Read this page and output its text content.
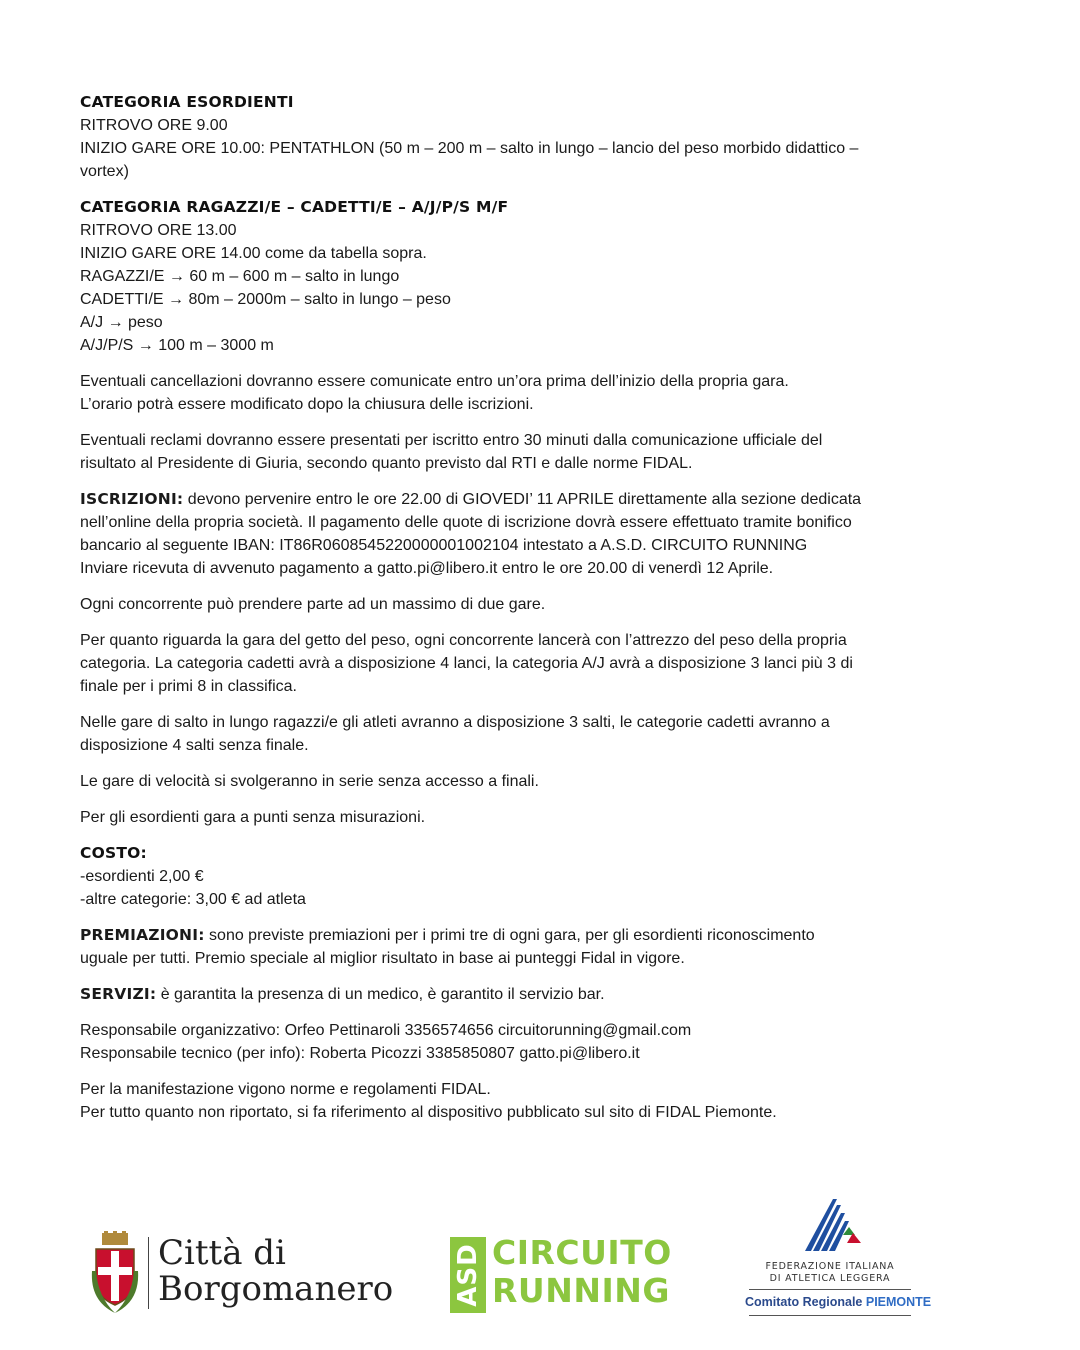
CATEGORIA ESORDIENTI
RITROVO ORE 9.00
INIZIO GARE ORE 10.00: PENTATHLON (50 m – 200 m – salto in lungo – lancio del peso morbido didattico –
vortex)
CATEGORIA RAGAZZI/E – CADETTI/E – A/J/P/S M/F
RITROVO ORE 13.00
INIZIO GARE ORE 14.00 come da tabella sopra.
RAGAZZI/E → 60 m – 600 m – salto in lungo
CADETTI/E → 80m – 2000m – salto in lungo – peso
A/J → peso
A/J/P/S → 100 m – 3000 m
Eventuali cancellazioni dovranno essere comunicate entro un’ora prima dell’inizio della propria gara.
L’orario potrà essere modificato dopo la chiusura delle iscrizioni.
Eventuali reclami dovranno essere presentati per iscritto entro 30 minuti dalla comunicazione ufficiale del
risultato al Presidente di Giuria, secondo quanto previsto dal RTI e dalle norme FIDAL.
ISCRIZIONI: devono pervenire entro le ore 22.00 di GIOVEDI’ 11 APRILE direttamente alla sezione dedicata
nell’online della propria società. Il pagamento delle quote di iscrizione dovrà essere effettuato tramite bonifico
bancario al seguente IBAN: IT86R0608545220000001002104 intestato a A.S.D. CIRCUITO RUNNING
Inviare ricevuta di avvenuto pagamento a gatto.pi@libero.it entro le ore 20.00 di venerdì 12 Aprile.
Ogni concorrente può prendere parte ad un massimo di due gare.
Per quanto riguarda la gara del getto del peso, ogni concorrente lancerà con l’attrezzo del peso della propria
categoria. La categoria cadetti avrà a disposizione 4 lanci, la categoria A/J avrà a disposizione 3 lanci più 3 di
finale per i primi 8 in classifica.
Nelle gare di salto in lungo ragazzi/e gli atleti avranno a disposizione 3 salti, le categorie cadetti avranno a
disposizione 4 salti senza finale.
Le gare di velocità si svolgeranno in serie senza accesso a finali.
Per gli esordienti gara a punti senza misurazioni.
COSTO:
-esordienti 2,00 €
-altre categorie: 3,00 € ad atleta
PREMIAZIONI: sono previste premiazioni per i primi tre di ogni gara, per gli esordienti riconoscimento
uguale per tutti. Premio speciale al miglior risultato in base ai punteggi Fidal in vigore.
SERVIZI: è garantita la presenza di un medico, è garantito il servizio bar.
Responsabile organizzativo: Orfeo Pettinaroli 3356574656 circuitorunning@gmail.com
Responsabile tecnico (per info): Roberta Picozzi 3385850807 gatto.pi@libero.it
Per la manifestazione vigono norme e regolamenti FIDAL.
Per tutto quanto non riportato, si fa riferimento al dispositivo pubblicato sul sito di FIDAL Piemonte.
Città di
Borgomanero ASD CIRCUITO
RUNNING
FEDERAZIONE ITALIANA
DI ATLETICA LEGGERA
Comitato Regionale PIEMONTE
